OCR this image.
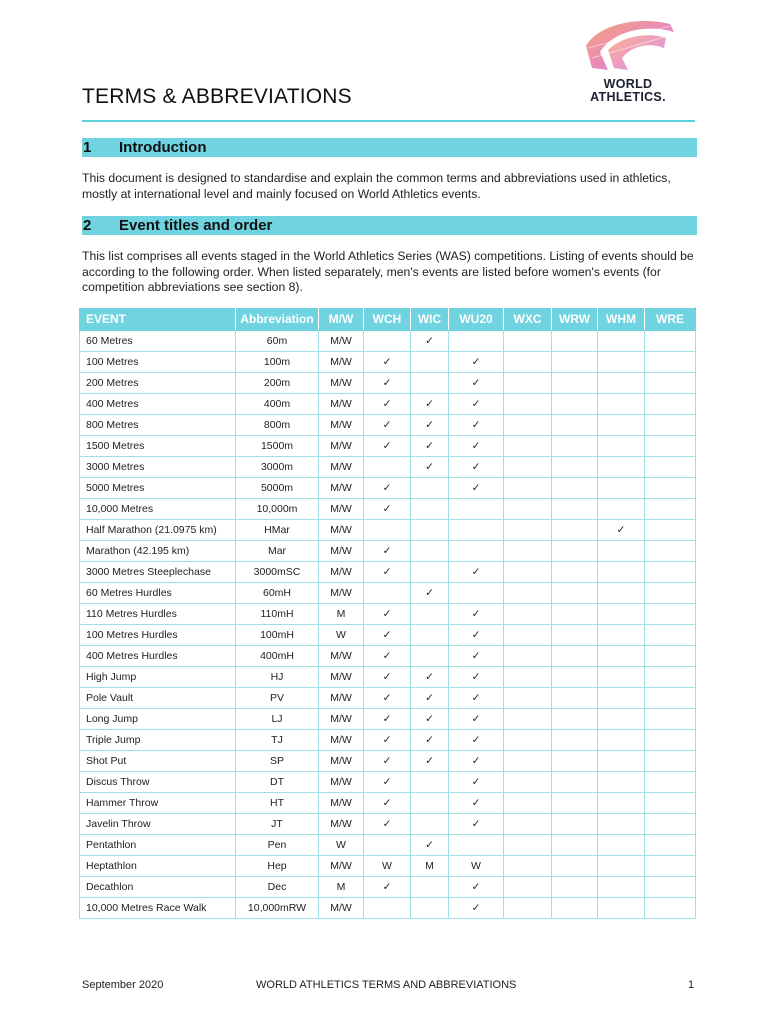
WORLD
ATHLETICS.
TERMS & ABBREVIATIONS
1 Introduction

This document is designed to standardise and explain the common terms and abbreviations used in athletics, mostly at international level and mainly focused on World Athletics events.

2 Event titles and order

This list comprises all events staged in the World Athletics Series (WAS) competitions. Listing of events should be according to the following order. When listed separately, men's events are listed before women's events (for competition abbreviations see section 8).

EVENT	Abbreviation	M/W	WCH	WIC	WU20	WXC	WRW	WHM	WRE
60 Metres	60m	M/W		✓					
100 Metres	100m	M/W	✓		✓				
200 Metres	200m	M/W	✓		✓				
400 Metres	400m	M/W	✓	✓	✓				
800 Metres	800m	M/W	✓	✓	✓				
1500 Metres	1500m	M/W	✓	✓	✓				
3000 Metres	3000m	M/W		✓	✓				
5000 Metres	5000m	M/W	✓		✓				
10,000 Metres	10,000m	M/W	✓						
Half Marathon (21.0975 km)	HMar	M/W						✓	
Marathon (42.195 km)	Mar	M/W	✓						
3000 Metres Steeplechase	3000mSC	M/W	✓		✓				
60 Metres Hurdles	60mH	M/W		✓					
110 Metres Hurdles	110mH	M	✓		✓				
100 Metres Hurdles	100mH	W	✓		✓				
400 Metres Hurdles	400mH	M/W	✓		✓				
High Jump	HJ	M/W	✓	✓	✓				
Pole Vault	PV	M/W	✓	✓	✓				
Long Jump	LJ	M/W	✓	✓	✓				
Triple Jump	TJ	M/W	✓	✓	✓				
Shot Put	SP	M/W	✓	✓	✓				
Discus Throw	DT	M/W	✓		✓				
Hammer Throw	HT	M/W	✓		✓				
Javelin Throw	JT	M/W	✓		✓				
Pentathlon	Pen	W		✓					
Heptathlon	Hep	M/W	W	M	W				
Decathlon	Dec	M	✓		✓				
10,000 Metres Race Walk	10,000mRW	M/W			✓				
September 2020	WORLD ATHLETICS TERMS AND ABBREVIATIONS	1
